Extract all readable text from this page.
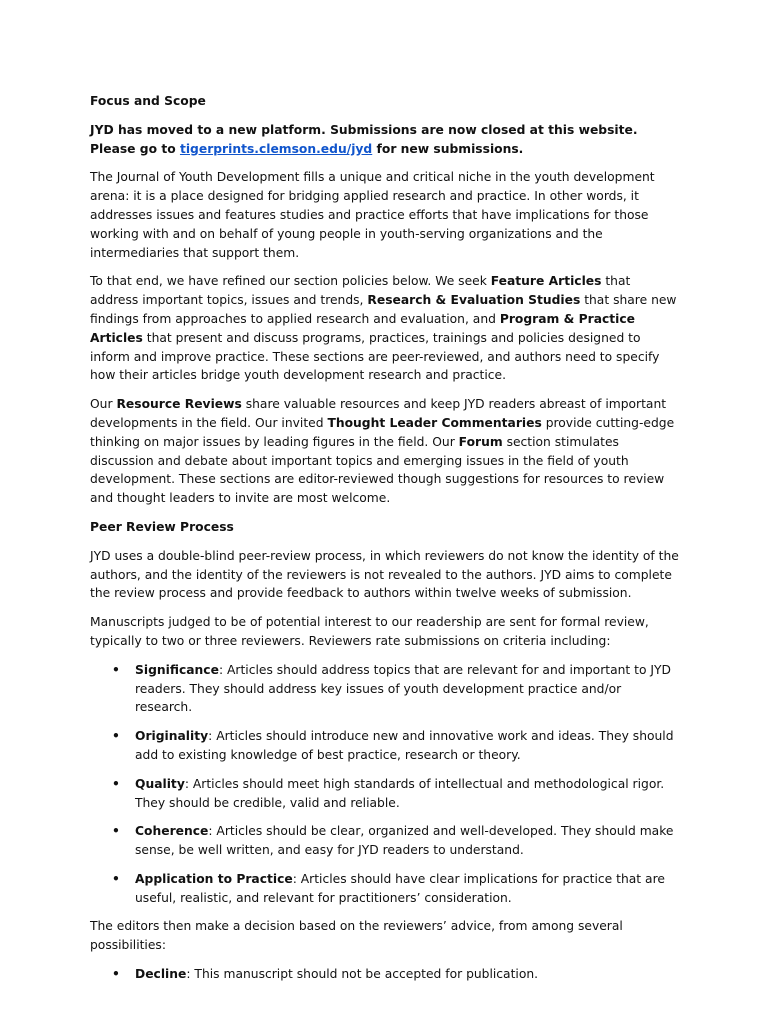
Focus and Scope

JYD has moved to a new platform. Submissions are now closed at this website. Please go to tigerprints.clemson.edu/jyd for new submissions.

The Journal of Youth Development fills a unique and critical niche in the youth development arena: it is a place designed for bridging applied research and practice. In other words, it addresses issues and features studies and practice efforts that have implications for those working with and on behalf of young people in youth-serving organizations and the intermediaries that support them.

To that end, we have refined our section policies below. We seek Feature Articles that address important topics, issues and trends, Research & Evaluation Studies that share new findings from approaches to applied research and evaluation, and Program & Practice Articles that present and discuss programs, practices, trainings and policies designed to inform and improve practice. These sections are peer-reviewed, and authors need to specify how their articles bridge youth development research and practice.

Our Resource Reviews share valuable resources and keep JYD readers abreast of important developments in the field. Our invited Thought Leader Commentaries provide cutting-edge thinking on major issues by leading figures in the field. Our Forum section stimulates discussion and debate about important topics and emerging issues in the field of youth development. These sections are editor-reviewed though suggestions for resources to review and thought leaders to invite are most welcome.

Peer Review Process

JYD uses a double-blind peer-review process, in which reviewers do not know the identity of the authors, and the identity of the reviewers is not revealed to the authors. JYD aims to complete the review process and provide feedback to authors within twelve weeks of submission.

Manuscripts judged to be of potential interest to our readership are sent for formal review, typically to two or three reviewers. Reviewers rate submissions on criteria including:

• Significance: Articles should address topics that are relevant for and important to JYD readers. They should address key issues of youth development practice and/or research.
• Originality: Articles should introduce new and innovative work and ideas. They should add to existing knowledge of best practice, research or theory.
• Quality: Articles should meet high standards of intellectual and methodological rigor. They should be credible, valid and reliable.
• Coherence: Articles should be clear, organized and well-developed. They should make sense, be well written, and easy for JYD readers to understand.
• Application to Practice: Articles should have clear implications for practice that are useful, realistic, and relevant for practitioners’ consideration.

The editors then make a decision based on the reviewers’ advice, from among several possibilities:

• Decline: This manuscript should not be accepted for publication.
